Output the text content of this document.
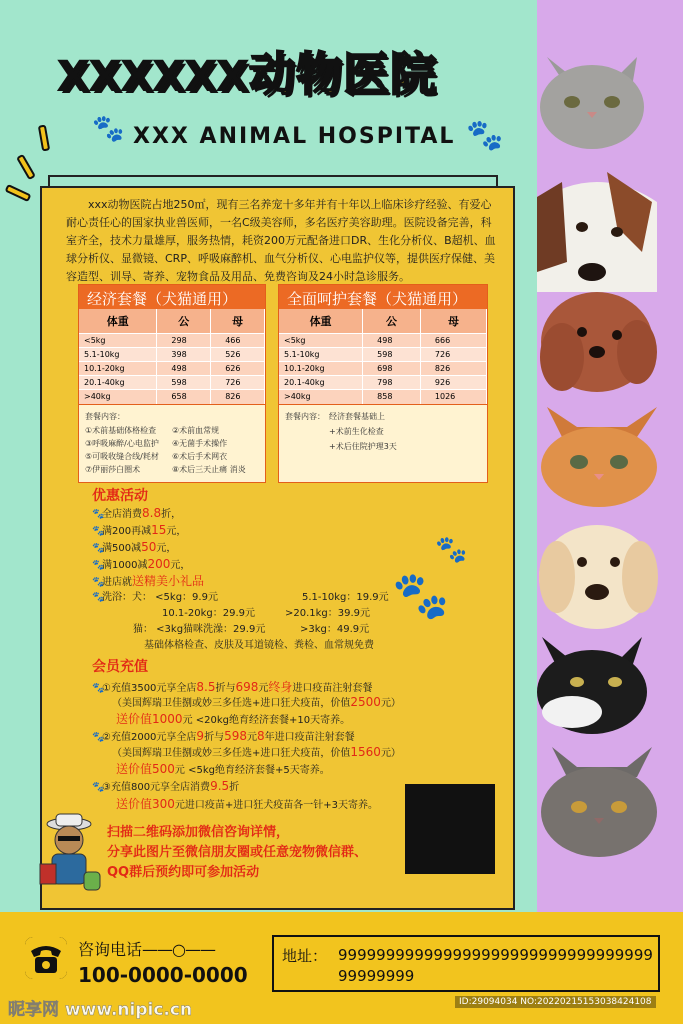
XXXXXX动物医院
🐾 XXX ANIMAL HOSPITAL 🐾
xxx动物医院占地250㎡，现有三名养宠十多年并有十年以上临床诊疗经验、有爱心耐心责任心的国家执业兽医师，一名C级美容师，多名医疗美容助理。医院设备完善，科室齐全，技术力量雄厚，服务热情，耗资200万元配备进口DR、生化分析仪、B超机、血球分析仪、显微镜、CRP、呼吸麻醉机、血气分析仪、心电监护仪等，提供医疗保健、美容造型、训导、寄养、宠物食品及用品、免费咨询及24小时急诊服务。
经济套餐（犬猫通用）
体重	公	母
<5kg	298	466
5.1-10kg	398	526
10.1-20kg	498	626
20.1-40kg	598	726
>40kg	658	826
套餐内容：
①术前基础体格检查	②术前血常规
③呼吸麻醉/心电监护	④无菌手术操作
⑤可吸收缝合线/耗材	⑥术后手术网衣
⑦伊丽莎白圈术	⑧术后三天止痛 消炎
全面呵护套餐（犬猫通用）
体重	公	母
<5kg	498	666
5.1-10kg	598	726
10.1-20kg	698	826
20.1-40kg	798	926
>40kg	858	1026
套餐内容： 经济套餐基础上
+术前生化检查
+术后住院护理3天
优惠活动
🐾全店消费8.8折，
🐾满200再减15元，
🐾满500减50元，
🐾满1000减200元，
🐾进店就送精美小礼品
🐾洗浴：犬： <5kg：9.9元	5.1-10kg：19.9元
10.1-20kg：29.9元	>20.1kg：39.9元
猫： <3kg猫咪洗澡：29.9元	>3kg：49.9元
基础体格检查、皮肤及耳道镜检、粪检、血常规免费
🐾
🐾
会员充值
🐾①充值3500元享全店8.5折与698元终身进口疫苗注射套餐
（美国辉瑞卫佳捌或妙三多任选+进口狂犬疫苗，价值2500元）
送价值1000元 <20kg绝育经济套餐+10天寄养。
🐾②充值2000元享全店9折与598元8年进口疫苗注射套餐
（美国辉瑞卫佳捌或妙三多任选+进口狂犬疫苗，价值1560元）
送价值500元 <5kg绝育经济套餐+5天寄养。
🐾③充值800元享全店消费9.5折
送价值300元进口疫苗+进口狂犬疫苗各一针+3天寄养。
扫描二维码添加微信咨询详情，
分享此图片至微信朋友圈或任意宠物微信群、
QQ群后预约即可参加活动
咨询电话——○——
100-0000-0000
地址： 99999999999999999999999999999999999999999
昵享网 www.nipic.cn	ID:29094034 NO:20220215153038424108
